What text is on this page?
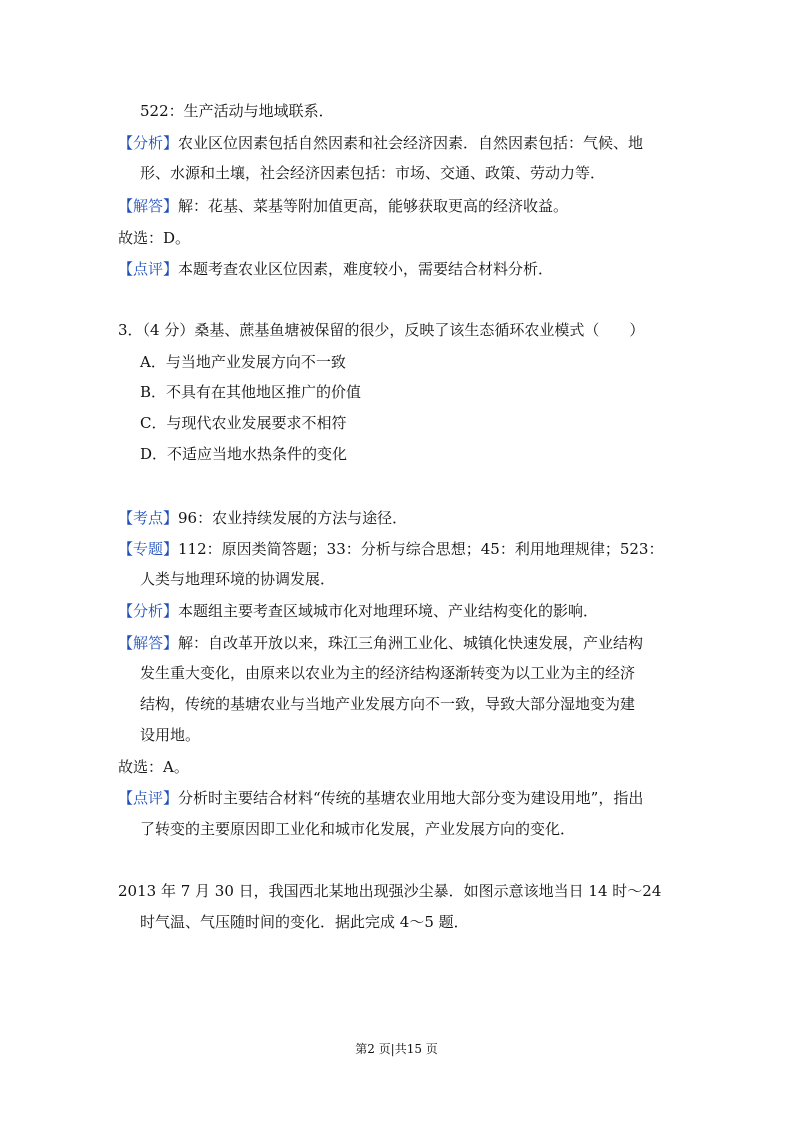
522：生产活动与地域联系．
【分析】农业区位因素包括自然因素和社会经济因素．自然因素包括：气候、地
形、水源和土壤，社会经济因素包括：市场、交通、政策、劳动力等．
【解答】解：花基、菜基等附加值更高，能够获取更高的经济收益。
故选：D。
【点评】本题考查农业区位因素，难度较小，需要结合材料分析．
3．（4 分）桑基、蔗基鱼塘被保留的很少，反映了该生态循环农业模式（　　）
A．与当地产业发展方向不一致
B．不具有在其他地区推广的价值
C．与现代农业发展要求不相符
D．不适应当地水热条件的变化
【考点】96：农业持续发展的方法与途径．
【专题】112：原因类简答题；33：分析与综合思想；45：利用地理规律；523：
人类与地理环境的协调发展．
【分析】本题组主要考查区域城市化对地理环境、产业结构变化的影响．
【解答】解：自改革开放以来，珠江三角洲工业化、城镇化快速发展，产业结构
发生重大变化，由原来以农业为主的经济结构逐渐转变为以工业为主的经济
结构，传统的基塘农业与当地产业发展方向不一致，导致大部分湿地变为建
设用地。
故选：A。
【点评】分析时主要结合材料“传统的基塘农业用地大部分变为建设用地”，指出
了转变的主要原因即工业化和城市化发展，产业发展方向的变化．
2013 年 7 月 30 日，我国西北某地出现强沙尘暴．如图示意该地当日 14 时～24
时气温、气压随时间的变化．据此完成 4～5 题．
第2 页|共15 页
